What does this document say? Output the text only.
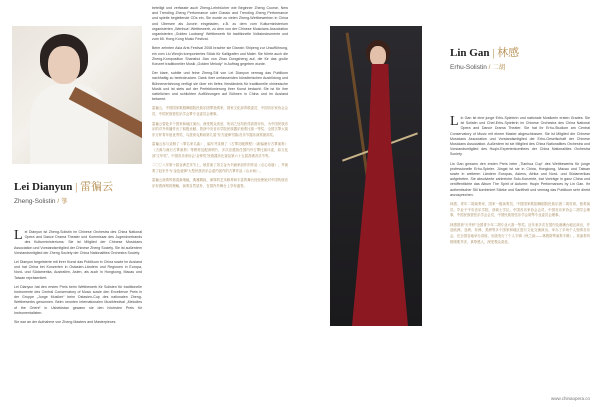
Lei Dianyun | 雷徧云
Zheng-Solistin / 箏

Lei Dianyun ist Zheng-Solistin im Chinese Orchestra des China National Opera and Dance Drama Theater und Kommissar des Jugendverbands des Kulturministeriums. Sie ist Mitglied der Chinese Musicians Association und Vorstandsmitglied der Chinese Zheng Society. Sie ist außerdem Vorstandsmitglied der Zheng Society der China Nationalities Orchestra Society.

Lei Dianyun begeisterte mit ihrer Kunst das Publikum in China sowie im Ausland und hat China bei Konzerten in Ostasien-Ländern und Regionen in Europa, Nord- und Südamerika, Australien, Asien, als auch in Hongkong, Macau und Taiwan repräsentiert.

Lei Dianyun hat den ersten Preis beim Wettbewerb für Solisten für traditionelle Instrumente des Central Conservatory of Music sowie den Excellence Preis in der Gruppe „Junge Musiker“ beim Ostasien-Cup des nationalen Zheng-Wettbewerbs gewonnen. Beim neunten internationalen Musikfestival „Melodies of the Orient“ in Usbekistan gewann sie den höchsten Preis für Instrumentalisten.

Sie war an der Aufnahme von Zheng Masters and Masterpieces

beteiligt und verfasste auch Zheng-Lehrbücher wie Beginner Zheng Course, New and Trending Zheng Performance oder Classic and Trending Zheng Performance und spielte begleitende CDs ein. Sie wurde zu vielen Zheng-Wettbewerben in China und Übersee als Jurorin eingeladen, z.B. zu dem vom Kulturministerium organisierten „Wenhua“-Wettbewerb, zu dem von der Chinese Musicians Association organisierten „Golden Luobang“ Wettbewerb für traditionelle Volksinstrumente und zum 65. Hong Kong Music Festival.

Beim zehnten Asia Arts Festival 2008 brachte sie Dianxin Shipeng zur Uraufführung, ein vom Liu Wenjin komponiertes Stück für Kalligrafen und Maler. Sie führte auch die Zheng-Komposition Shanshui Jian von Zhao Dongsheng auf, die für das große Konzert traditioneller Musik „Golden Melody“ in Auftrag gegeben wurde.

Der klare, subtile und feine Zheng-Stil von Lei Dianyun vermag das Publikum nachhaltig zu beeindrucken. Dank ihrer umfassenden künstlerischen Ausbildung und Bühnenerfahrung verfügt sie über ein tiefes Verständnis für traditionelle chinesische Musik und ist stets auf der Perfektionierung ihrer Kunst bedacht. Sie ist für ihre natürlichen und schlichten Aufführungen auf Bühnen in China und im Ausland bekannt.

雷徧云，中国国家歌剧舞剧院民族乐团箏独奏家，国家文化部青联委员，中国音乐家协会会员，中国民族管弦乐学会箏专业委员会理事。

雷徧云曾赴多个国家和地区演出，深受观众喜爱，所到之处均获得高度评价，为中国民族音乐的对外传播作出了积极贡献。曾获中央音乐学院民族器乐独奏比赛一等奖、全国古箏大赛东方杯青年组优秀奖、乌兹别克斯坦第九届“东方旋律”国际音乐节器乐演奏最高奖。

雷徧云参与录制了《箏名家名曲》，编写并录制了《古箏初级教程》《新编流行古箏演奏》《古典与流行古箏演奏》等教材及配套唱片，多次应邀担任国内外古箏比赛评委，如文化部“文华奖”、中国音乐家协会“金钟奖”民族器乐比赛及第六十五届香港音乐节等。

二〇〇八年第十届亚洲艺术节上，她首演了刘文金为书画家创作的作品《点心诗朋》，并演奏了赵东升为“金色旋律”大型民族音乐会委约创作的古箏作品《山水间》。

雷徧云演奏风格清新细腻，典雅精致，深厚的艺术修养和丰富的舞台经验使她对中国传统音乐有着深刻的理解，演奏自然质朴，在国内外舞台上享有盛誉。

Lin Gan | 林感
Erhu-Solistin / 二胡

Lin Gan ist eine junge Erhu-Spielerin und nationale Musikerin ersten Grades. Sie ist Solistin und Chef-Erhu-Spielerin im Chinese Orchestra des China National Opera and Dance Drama Theater. Sie hat ihr Erhu-Studium am Central Conservatory of Music mit einem Master abgeschlossen. Sie ist Mitglied der Chinese Musicians Association und Vorstandsmitglied der Erhu-Gesellschaft der Chinese Musicians Association. Außerdem ist sie Mitglied des China Nationalities Orchestra und Vorstandsmitglied des Huqin-Expertenkomitees der China Nationalities Orchestra Society.

Lin Gan gewann den ersten Preis beim „Tianhua Cup“ des Wettbewerbs für junge professionelle Erhu-Spieler. Jüngst ist sie in China, Hongkong, Macau und Taiwan sowie in weiteren Ländern Europas, Asiens, Afrika und Nord- und Südamerikas aufgetreten. Sie absolvierte zahlreiche Solo-Konzerte, trat Vorträge in ganz China und veröffentlichte das Album The Spirit of Autumn: Huqin Performances by Lin Gan. Ihr authentischer Stil kombiniert Stärke und Sanftheit und vermag das Publikum sehr direkt anzusprechen.

林感，青年二胡演奏家，国家一级演奏员，中国国家歌剧舞剧院民族乐团二胡首席、独奏演员。毕业于中央音乐学院，获硕士学位。中国音乐家协会会员，中国音乐家协会二胡学会理事，中国民族管弦乐学会会员，中国民族管弦乐学会胡琴专业委员会理事。

林感曾获“天华杯”全国青少年二胡专业大赛一等奖。近年来多次在国内及港澳台地区演出，并赴欧洲、亚洲、非洲、美洲等多个国家和地区进行文化交流演出。举办了多场个人独奏音乐会，在全国各地举办讲座，出版发行了个人专辑《秋之韵——林感胡琴演奏专辑》。其演奏风格刚柔并济，真挚感人，深受观众喜爱。

www.chinaopera.cn
